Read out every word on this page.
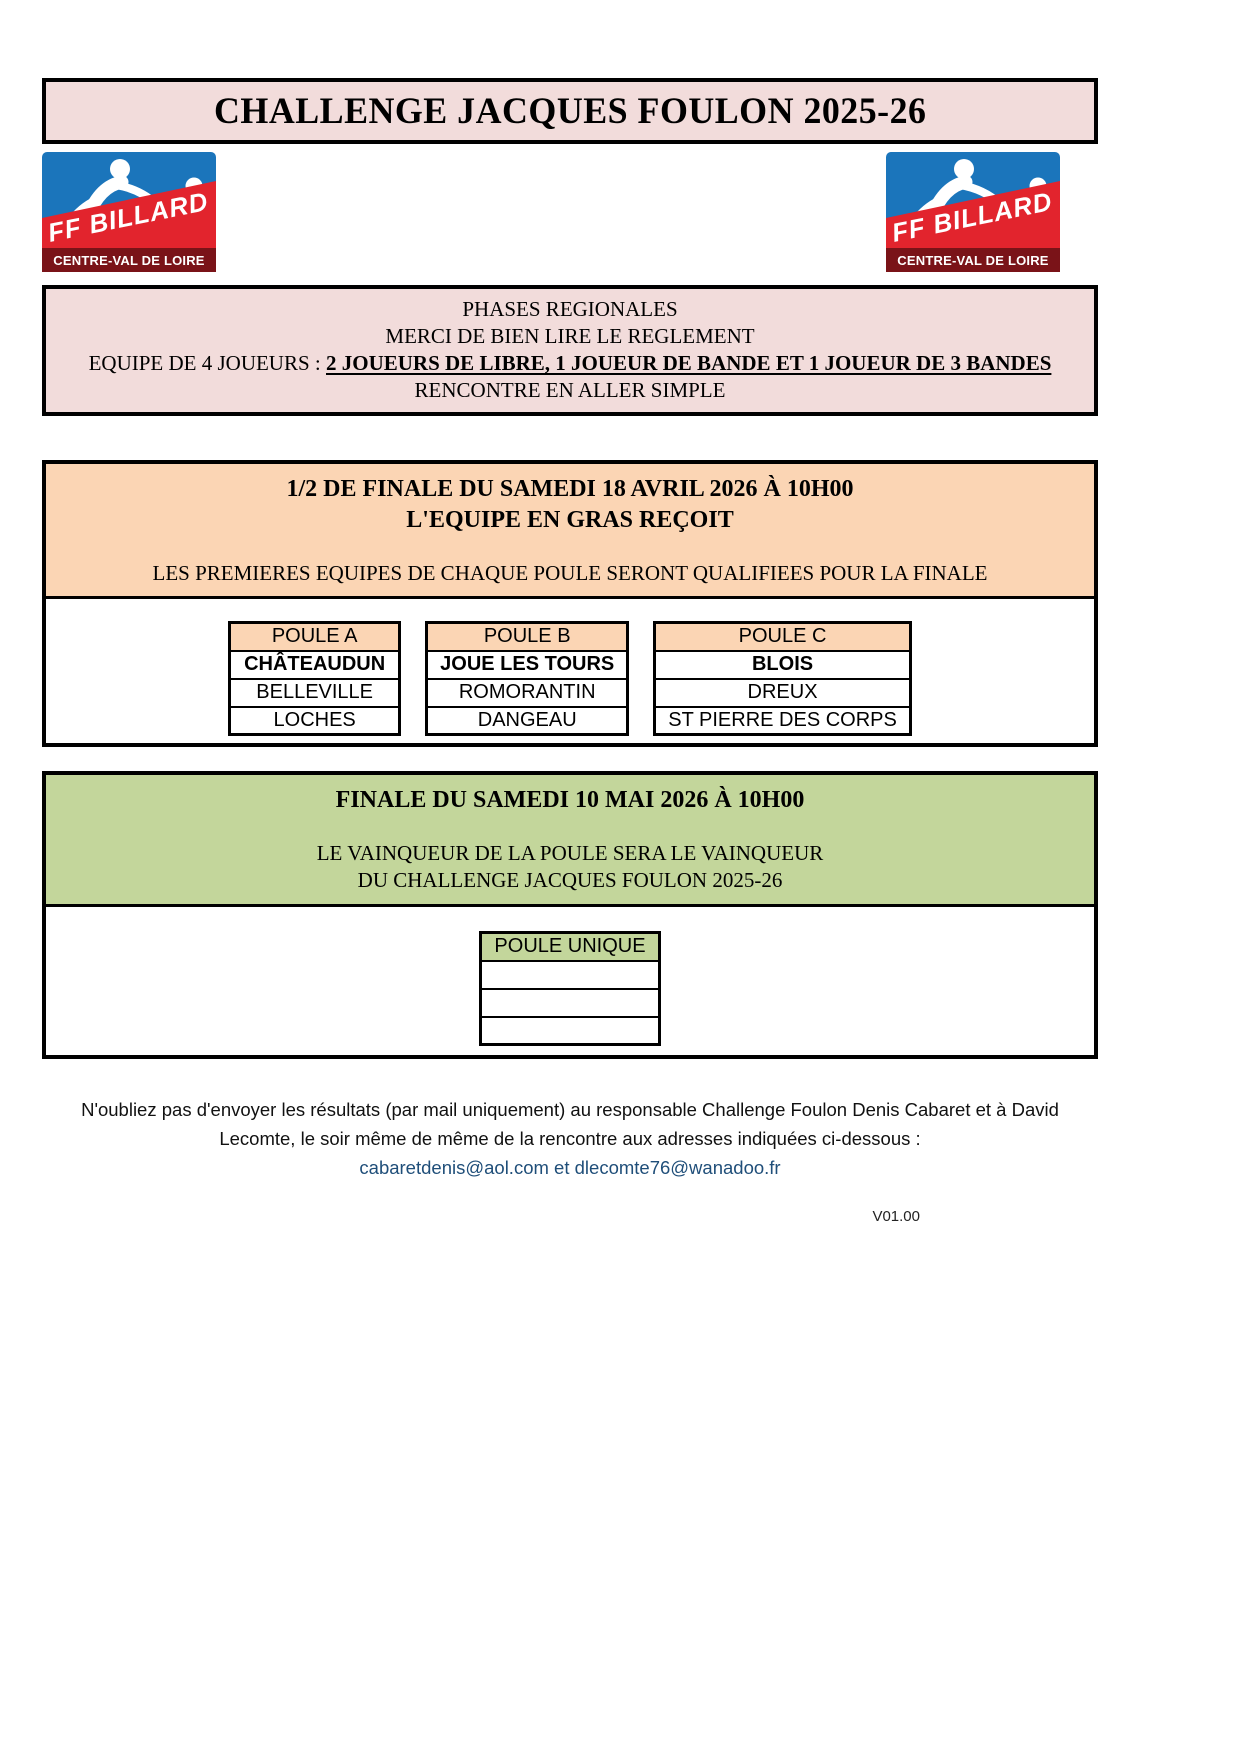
CHALLENGE JACQUES FOULON 2025-26
FF BILLARD
CENTRE-VAL DE LOIRE
FF BILLARD
CENTRE-VAL DE LOIRE
PHASES REGIONALES
MERCI DE BIEN LIRE LE REGLEMENT
EQUIPE DE 4 JOUEURS : 2 JOUEURS DE LIBRE, 1 JOUEUR DE BANDE ET 1 JOUEUR DE 3 BANDES
RENCONTRE EN ALLER SIMPLE
1/2 DE FINALE DU SAMEDI 18 AVRIL 2026 À 10H00
L'EQUIPE EN GRAS REÇOIT
LES PREMIERES EQUIPES DE CHAQUE POULE SERONT QUALIFIEES POUR LA FINALE
POULE A
CHÂTEAUDUN
BELLEVILLE
LOCHES
POULE B
JOUE LES TOURS
ROMORANTIN
DANGEAU
POULE C
BLOIS
DREUX
ST PIERRE DES CORPS
FINALE DU SAMEDI 10 MAI 2026 À 10H00
LE VAINQUEUR DE LA POULE SERA LE VAINQUEUR
DU CHALLENGE JACQUES FOULON 2025-26
POULE UNIQUE

N'oubliez pas d'envoyer les résultats (par mail uniquement) au responsable Challenge Foulon Denis Cabaret et à David
Lecomte, le soir même de même de la rencontre aux adresses indiquées ci-dessous :
cabaretdenis@aol.com et dlecomte76@wanadoo.fr
V01.00
